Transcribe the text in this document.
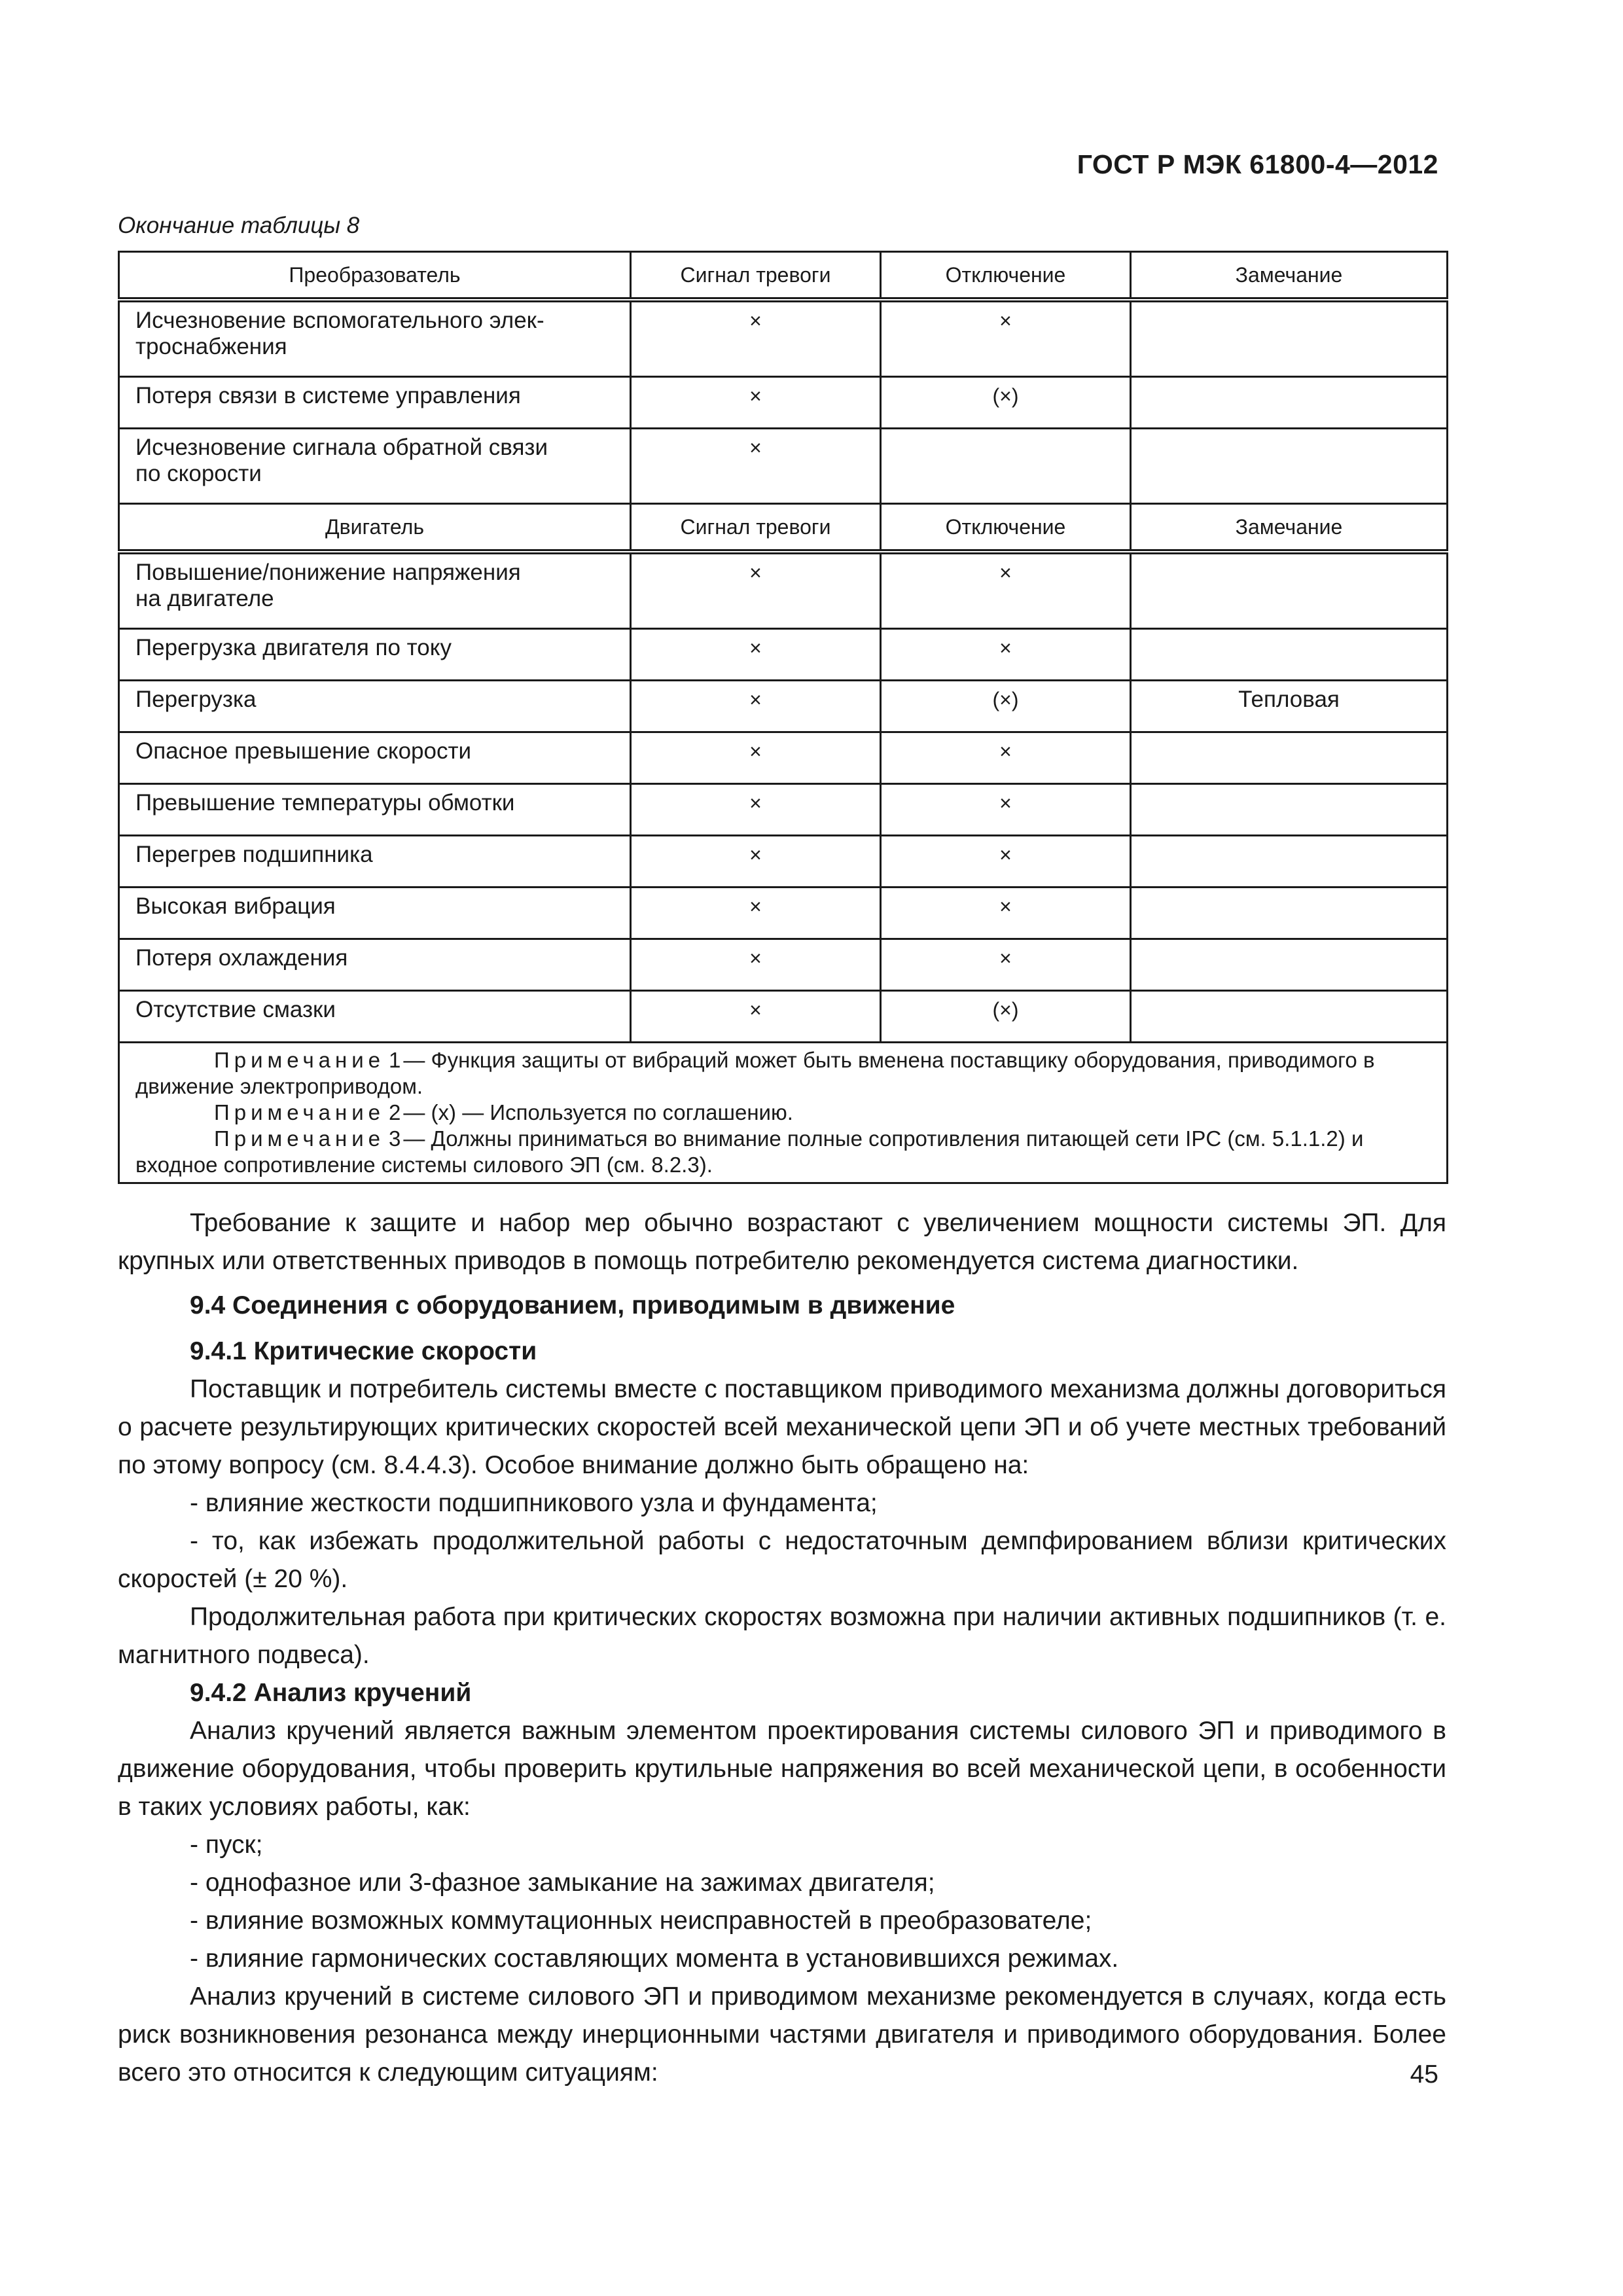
ГОСТ Р МЭК 61800-4—2012
Окончание таблицы 8
Преобразователь	Сигнал тревоги	Отключение	Замечание
Исчезновение вспомогательного элек-
троснабжения	×	×	
Потеря связи в системе управления	×	(×)	
Исчезновение сигнала обратной связи
по скорости	×		
Двигатель	Сигнал тревоги	Отключение	Замечание
Повышение/понижение напряжения
на двигателе	×	×	
Перегрузка двигателя по току	×	×	
Перегрузка	×	(×)	Тепловая
Опасное превышение скорости	×	×	
Превышение температуры обмотки	×	×	
Перегрев подшипника	×	×	
Высокая вибрация	×	×	
Потеря охлаждения	×	×	
Отсутствие смазки	×	(×)	

Примечание 1 — Функция защиты от вибраций может быть вменена поставщику оборудования, приводимого в движение электроприводом.
Примечание 2 — (х) — Используется по соглашению.
Примечание 3 — Должны приниматься во внимание полные сопротивления питающей сети IPC (см. 5.1.1.2) и входное сопротивление системы силового ЭП (см. 8.2.3).			

Требование к защите и набор мер обычно возрастают с увеличением мощности системы ЭП. Для крупных или ответственных приводов в помощь потребителю рекомендуется система диагностики.

9.4 Соединения с оборудованием, приводимым в движение

9.4.1 Критические скорости

Поставщик и потребитель системы вместе с поставщиком приводимого механизма должны договориться о расчете результирующих критических скоростей всей механической цепи ЭП и об учете местных требований по этому вопросу (см. 8.4.4.3). Особое внимание должно быть обращено на:

- влияние жесткости подшипникового узла и фундамента;

- то, как избежать продолжительной работы с недостаточным демпфированием вблизи критических скоростей (± 20 %).

Продолжительная работа при критических скоростях возможна при наличии активных подшипников (т. е. магнитного подвеса).

9.4.2 Анализ кручений

Анализ кручений является важным элементом проектирования системы силового ЭП и приводимого в движение оборудования, чтобы проверить крутильные напряжения во всей механической цепи, в особенности в таких условиях работы, как:

- пуск;

- однофазное или 3-фазное замыкание на зажимах двигателя;

- влияние возможных коммутационных неисправностей в преобразователе;

- влияние гармонических составляющих момента в установившихся режимах.

Анализ кручений в системе силового ЭП и приводимом механизме рекомендуется в случаях, когда есть риск возникновения резонанса между инерционными частями двигателя и приводимого оборудования. Более всего это относится к следующим ситуациям:	45
